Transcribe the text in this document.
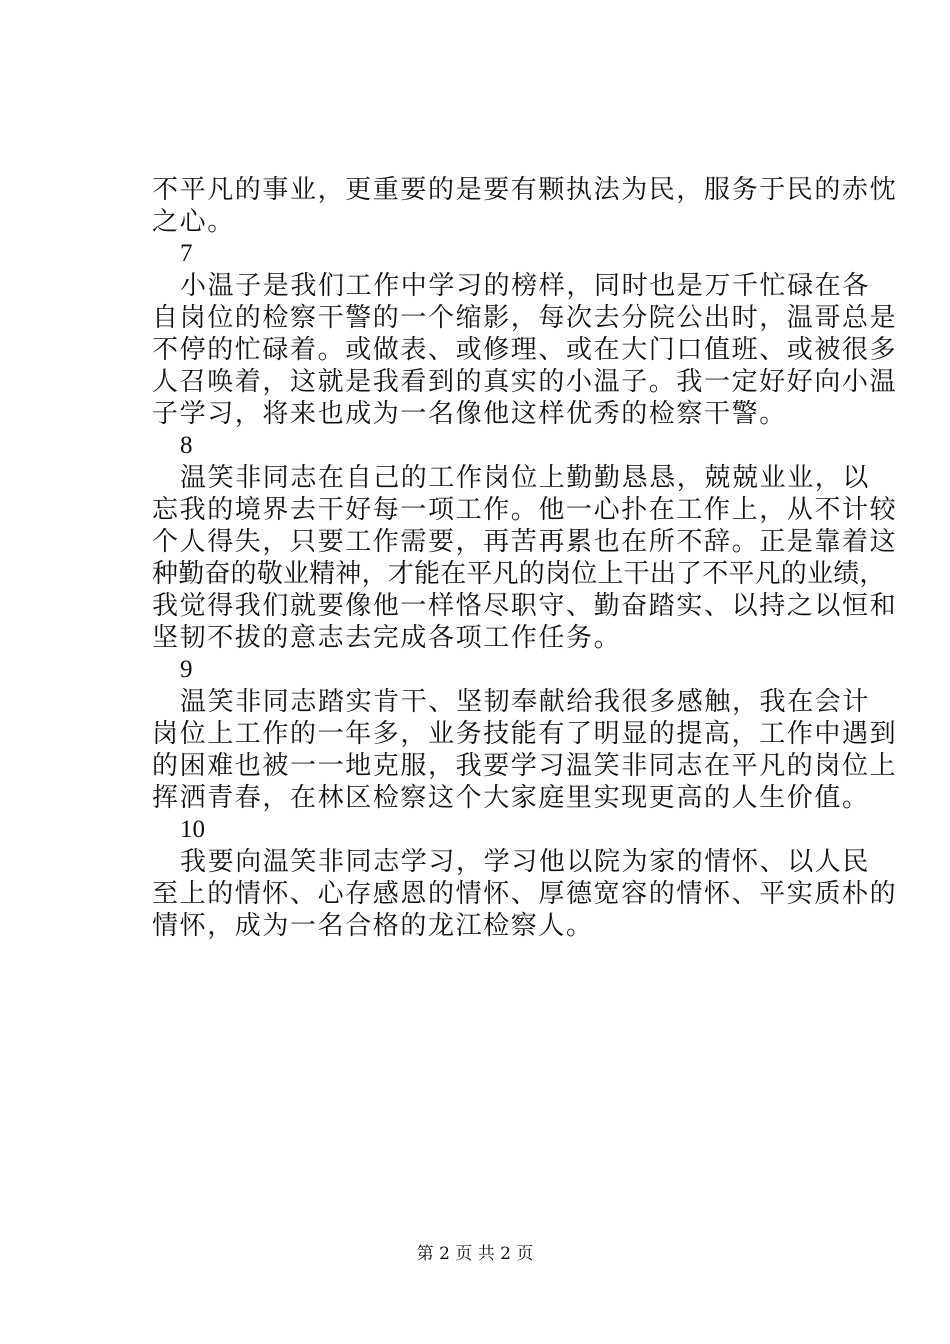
不平凡的事业，更重要的是要有颗执法为民，服务于民的赤忱
之心。
7
小温子是我们工作中学习的榜样，同时也是万千忙碌在各
自岗位的检察干警的一个缩影，每次去分院公出时，温哥总是
不停的忙碌着。或做表、或修理、或在大门口值班、或被很多
人召唤着，这就是我看到的真实的小温子。我一定好好向小温
子学习，将来也成为一名像他这样优秀的检察干警。
8
温笑非同志在自己的工作岗位上勤勤恳恳，兢兢业业，以
忘我的境界去干好每一项工作。他一心扑在工作上，从不计较
个人得失，只要工作需要，再苦再累也在所不辞。正是靠着这
种勤奋的敬业精神，才能在平凡的岗位上干出了不平凡的业绩，
我觉得我们就要像他一样恪尽职守、勤奋踏实、以持之以恒和
坚韧不拔的意志去完成各项工作任务。
9
温笑非同志踏实肯干、坚韧奉献给我很多感触，我在会计
岗位上工作的一年多，业务技能有了明显的提高，工作中遇到
的困难也被一一地克服，我要学习温笑非同志在平凡的岗位上
挥洒青春，在林区检察这个大家庭里实现更高的人生价值。
10
我要向温笑非同志学习，学习他以院为家的情怀、以人民
至上的情怀、心存感恩的情怀、厚德宽容的情怀、平实质朴的
情怀，成为一名合格的龙江检察人。
第 2 页 共 2 页
